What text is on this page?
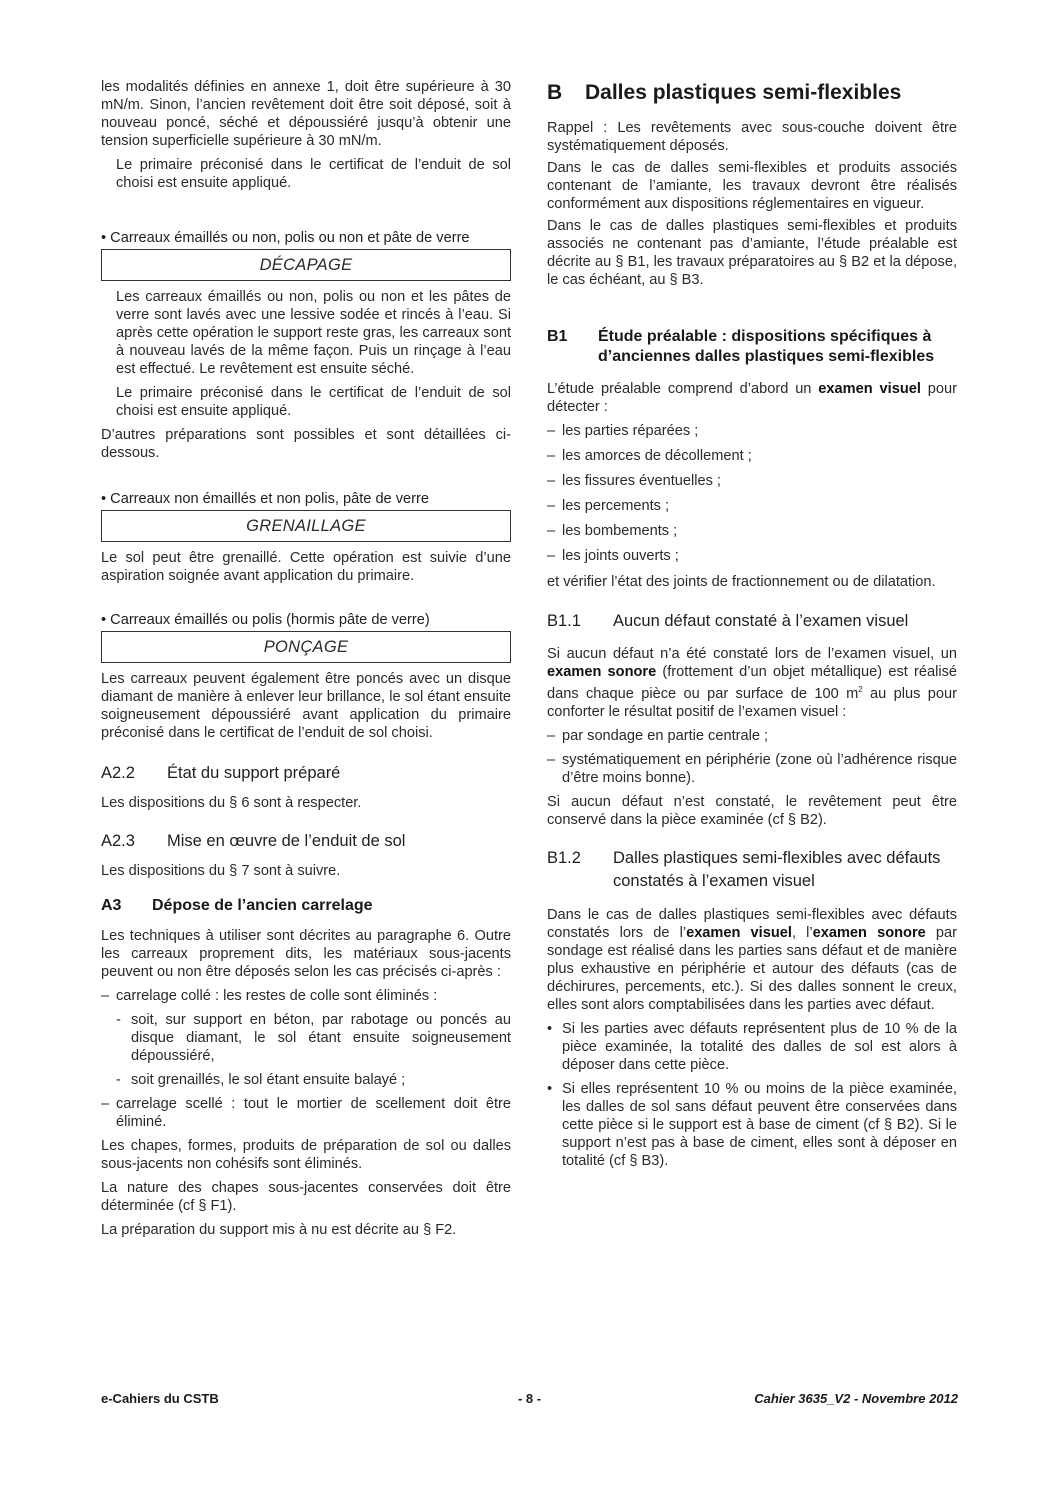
les modalités définies en annexe 1, doit être supérieure à 30 mN/m. Sinon, l’ancien revêtement doit être soit déposé, soit à nouveau poncé, séché et dépoussiéré jusqu’à obtenir une tension superficielle supérieure à 30 mN/m.

Le primaire préconisé dans le certificat de l’enduit de sol choisi est ensuite appliqué.

• Carreaux émaillés ou non, polis ou non et pâte de verre

DÉCAPAGE

Les carreaux émaillés ou non, polis ou non et les pâtes de verre sont lavés avec une lessive sodée et rincés à l’eau. Si après cette opération le support reste gras, les carreaux sont à nouveau lavés de la même façon. Puis un rinçage à l’eau est effectué. Le revêtement est ensuite séché.

Le primaire préconisé dans le certificat de l’enduit de sol choisi est ensuite appliqué.

D’autres préparations sont possibles et sont détaillées ci-dessous.

• Carreaux non émaillés et non polis, pâte de verre

GRENAILLAGE

Le sol peut être grenaillé. Cette opération est suivie d’une aspiration soignée avant application du primaire.

• Carreaux émaillés ou polis (hormis pâte de verre)

PONÇAGE

Les carreaux peuvent également être poncés avec un disque diamant de manière à enlever leur brillance, le sol étant ensuite soigneusement dépoussiéré avant application du primaire préconisé dans le certificat de l’enduit de sol choisi.

A2.2 État du support préparé

Les dispositions du § 6 sont à respecter.

A2.3 Mise en œuvre de l’enduit de sol

Les dispositions du § 7 sont à suivre.

A3	Dépose de l’ancien carrelage

Les techniques à utiliser sont décrites au paragraphe 6. Outre les carreaux proprement dits, les matériaux sous-jacents peuvent ou non être déposés selon les cas précisés ci-après :

– carrelage collé : les restes de colle sont éliminés :
- soit, sur support en béton, par rabotage ou poncés au disque diamant, le sol étant ensuite soigneusement dépoussiéré,
- soit grenaillés, le sol étant ensuite balayé ;
– carrelage scellé : tout le mortier de scellement doit être éliminé.

Les chapes, formes, produits de préparation de sol ou dalles sous-jacents non cohésifs sont éliminés.

La nature des chapes sous-jacentes conservées doit être déterminée (cf § F1).

La préparation du support mis à nu est décrite au § F2.

B	Dalles plastiques semi-flexibles

Rappel : Les revêtements avec sous-couche doivent être systématiquement déposés.

Dans le cas de dalles semi-flexibles et produits associés contenant de l’amiante, les travaux devront être réalisés conformément aux dispositions réglementaires en vigueur.

Dans le cas de dalles plastiques semi-flexibles et produits associés ne contenant pas d’amiante, l’étude préalable est décrite au § B1, les travaux préparatoires au § B2 et la dépose, le cas échéant, au § B3.

B1	Étude préalable : dispositions spécifiques à d’anciennes dalles plastiques semi-flexibles

L’étude préalable comprend d’abord un examen visuel pour détecter :

– les parties réparées ;
– les amorces de décollement ;
– les fissures éventuelles ;
– les percements ;
– les bombements ;
– les joints ouverts ;

et vérifier l’état des joints de fractionnement ou de dilatation.

B1.1 Aucun défaut constaté à l’examen visuel

Si aucun défaut n’a été constaté lors de l’examen visuel, un examen sonore (frottement d’un objet métallique) est réalisé dans chaque pièce ou par surface de 100 $m^2$ au plus pour conforter le résultat positif de l’examen visuel :

– par sondage en partie centrale ;
– systématiquement en périphérie (zone où l’adhérence risque d’être moins bonne).

Si aucun défaut n’est constaté, le revêtement peut être conservé dans la pièce examinée (cf § B2).

B1.2	Dalles plastiques semi-flexibles avec défauts constatés à l’examen visuel

Dans le cas de dalles plastiques semi-flexibles avec défauts constatés lors de l’examen visuel, l’examen sonore par sondage est réalisé dans les parties sans défaut et de manière plus exhaustive en périphérie et autour des défauts (cas de déchirures, percements, etc.). Si des dalles sonnent le creux, elles sont alors comptabilisées dans les parties avec défaut.

• Si les parties avec défauts représentent plus de 10 % de la pièce examinée, la totalité des dalles de sol est alors à déposer dans cette pièce.
• Si elles représentent 10 % ou moins de la pièce examinée, les dalles de sol sans défaut peuvent être conservées dans cette pièce si le support est à base de ciment (cf § B2). Si le support n’est pas à base de ciment, elles sont à déposer en totalité (cf § B3).
e-Cahiers du CSTB	- 8 -	Cahier 3635_V2 - Novembre 2012
